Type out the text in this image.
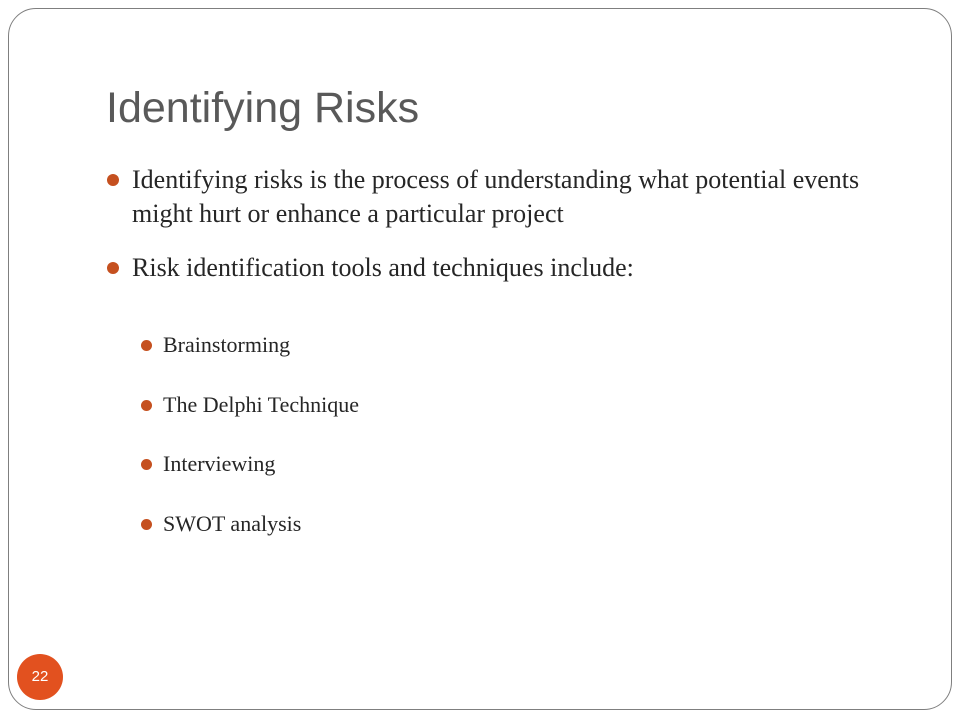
Identifying Risks
Identifying risks is the process of understanding what potential events might hurt or enhance a particular project
Risk identification tools and techniques include:
Brainstorming
The Delphi Technique
Interviewing
SWOT analysis
22
